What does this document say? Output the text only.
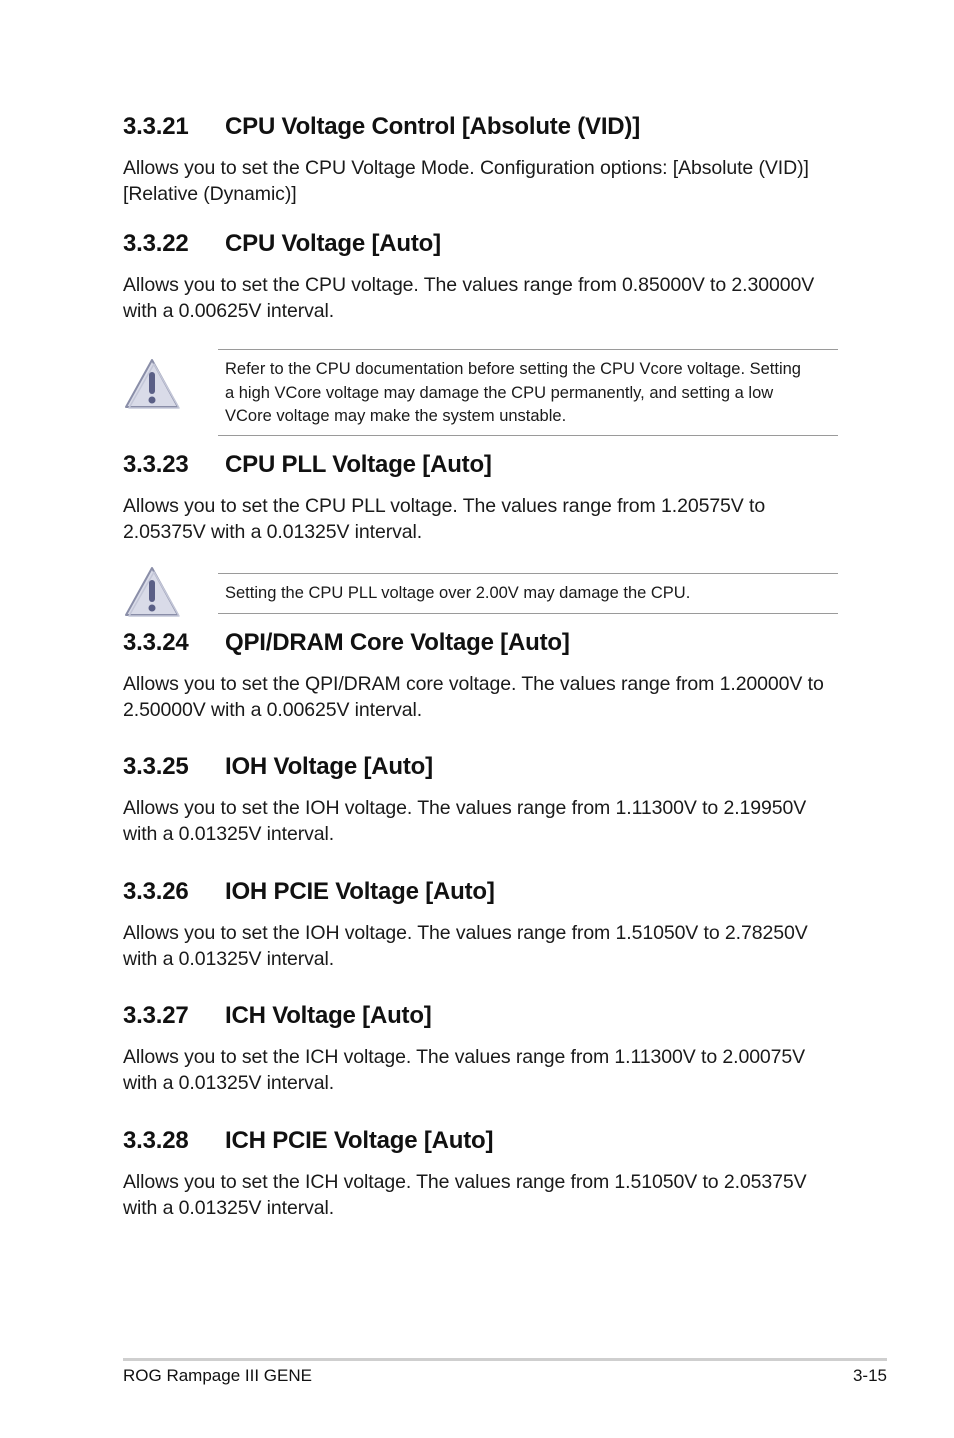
3.3.21 CPU Voltage Control [Absolute (VID)]

Allows you to set the CPU Voltage Mode. Configuration options: [Absolute (VID)]
[Relative (Dynamic)]

3.3.22 CPU Voltage [Auto]

Allows you to set the CPU voltage. The values range from 0.85000V to 2.30000V
with a 0.00625V interval.

Refer to the CPU documentation before setting the CPU Vcore voltage. Setting
a high VCore voltage may damage the CPU permanently, and setting a low
VCore voltage may make the system unstable.

3.3.23 CPU PLL Voltage [Auto]

Allows you to set the CPU PLL voltage. The values range from 1.20575V to
2.05375V with a 0.01325V interval.

Setting the CPU PLL voltage over 2.00V may damage the CPU.

3.3.24 QPI/DRAM Core Voltage [Auto]

Allows you to set the QPI/DRAM core voltage. The values range from 1.20000V to
2.50000V with a 0.00625V interval.

3.3.25 IOH Voltage [Auto]

Allows you to set the IOH voltage. The values range from 1.11300V to 2.19950V
with a 0.01325V interval.

3.3.26 IOH PCIE Voltage [Auto]

Allows you to set the IOH voltage. The values range from 1.51050V to 2.78250V
with a 0.01325V interval.

3.3.27 ICH Voltage [Auto]

Allows you to set the ICH voltage. The values range from 1.11300V to 2.00075V
with a 0.01325V interval.

3.3.28 ICH PCIE Voltage [Auto]

Allows you to set the ICH voltage. The values range from 1.51050V to 2.05375V
with a 0.01325V interval.

ROG Rampage III GENE	3-15
